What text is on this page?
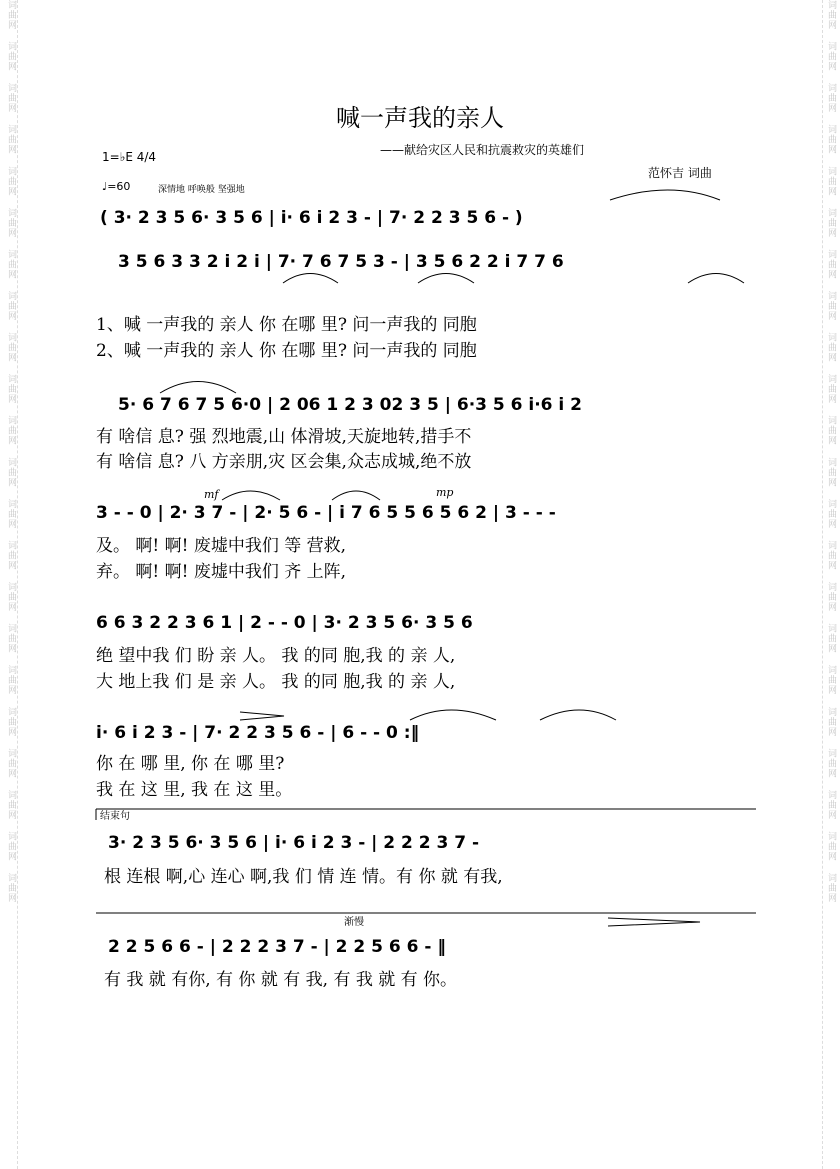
词曲网   词曲网   词曲网   词曲网   词曲网   词曲网   词曲网   词曲网   词曲网   词曲网   词曲网   词曲网   词曲网   词曲网   词曲网   词曲网   词曲网   词曲网   词曲网   词曲网   词曲网   词曲网	词曲网   词曲网   词曲网   词曲网   词曲网   词曲网   词曲网   词曲网   词曲网   词曲网   词曲网   词曲网   词曲网   词曲网   词曲网   词曲网   词曲网   词曲网   词曲网   词曲网   词曲网   词曲网
喊一声我的亲人
——献给灾区人民和抗震救灾的英雄们
范怀吉 词曲
1=♭E 4/4
♩=60	深情地 呼唤般 坚强地
mf	mp
结束句
渐慢
( 3· 2 3 5 6· 3 5 6 | i· 6 i 2 3 - | 7· 2 2 3 5 6 - )
3 5 6 3 3 2 i 2 i | 7· 7 6 7 5 3 - | 3 5 6 2 2 i 7 7 6
5· 6 7 6 7 5 6·0 | 2 06 1 2 3 02 3 5 | 6·3 5 6 i·6 i 2
3 - - 0 | 2· 3 7 - | 2· 5 6 - | i 7 6 5 5 6 5 6 2 | 3 - - -
6 6 3 2 2 3 6 1 | 2 - - 0 | 3· 2 3 5 6· 3 5 6
i· 6 i 2 3 - | 7· 2 2 3 5 6 - | 6 - - 0 :‖
3· 2 3 5 6· 3 5 6 | i· 6 i 2 3 - | 2 2 2 3 7 -
2 2 5 6 6 - | 2 2 2 3 7 - | 2 2 5 6 6 - ‖
1、喊 一声我的 亲人 你 在哪 里? 问一声我的 同胞
2、喊 一声我的 亲人 你 在哪 里? 问一声我的 同胞
有 啥信 息? 强 烈地震,山 体滑坡,天旋地转,措手不
有 啥信 息? 八 方亲朋,灾 区会集,众志成城,绝不放
及。 啊! 啊! 废墟中我们 等 营救,
弃。 啊! 啊! 废墟中我们 齐 上阵,
绝 望中我 们 盼 亲 人。 我 的同 胞,我 的 亲 人,
大 地上我 们 是 亲 人。 我 的同 胞,我 的 亲 人,
你 在 哪 里, 你 在 哪 里?
我 在 这 里, 我 在 这 里。
根 连根 啊,心 连心 啊,我 们 情 连 情。有 你 就 有我,
有 我 就 有你, 有 你 就 有 我, 有 我 就 有 你。
